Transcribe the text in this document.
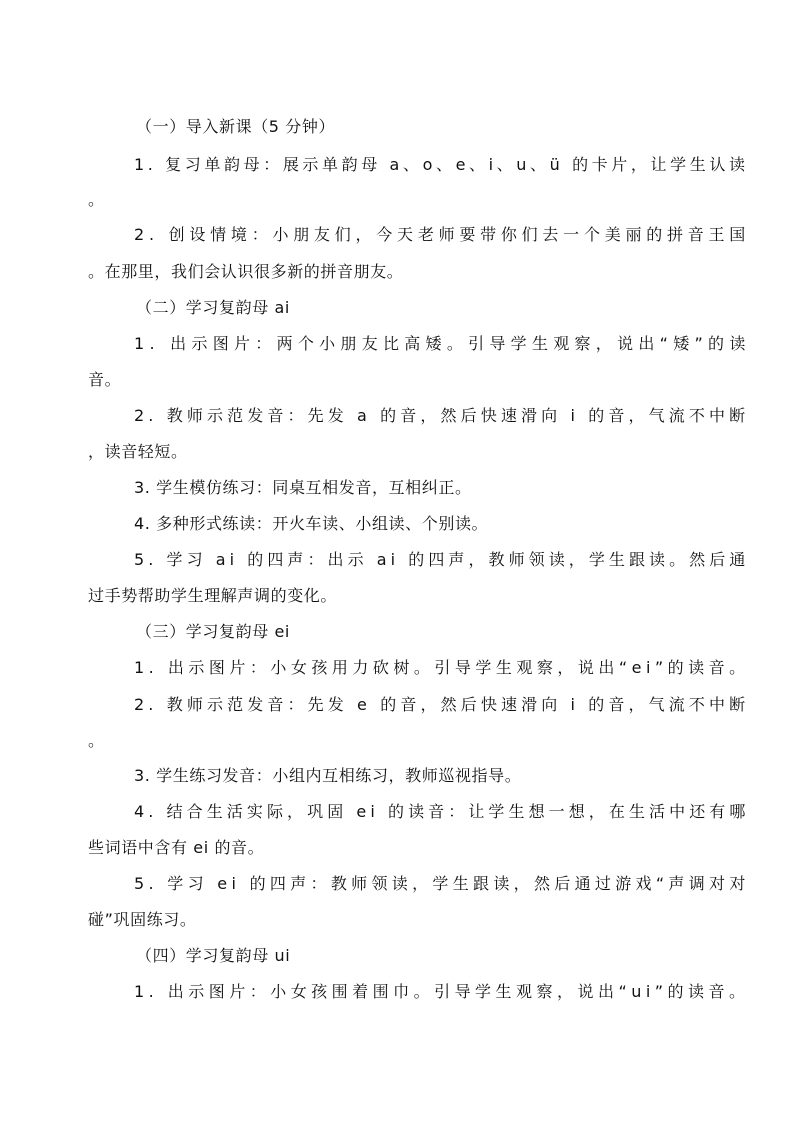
（一）导入新课（5 分钟）
1 .
复 习 单 韵 母 ： 展 示 单 韵 母
a 、 o 、 e 、 i 、 u 、 ü
的 卡 片 ， 让 学 生 认 读
。
2 .
创 设 情 境 ： 小 朋 友 们 ， 今 天 老 师 要 带 你 们 去 一 个 美 丽 的 拼 音 王 国
。在那里，我们会认识很多新的拼音朋友。
（二）学习复韵母 ai
1 .
出 示 图 片 ： 两 个 小 朋 友 比 高 矮 。 引 导 学 生 观 察 ， 说 出 “ 矮 ” 的 读
音。
2 .
教 师 示 范 发 音 ： 先 发
a
的 音 ， 然 后 快 速 滑 向
i
的 音 ， 气 流 不 中 断
，读音轻短。
3. 学生模仿练习：同桌互相发音，互相纠正。
4. 多种形式练读：开火车读、小组读、个别读。
5 .
学 习
a i
的 四 声 ： 出 示
a i
的 四 声 ， 教 师 领 读 ， 学 生 跟 读 。 然 后 通
过手势帮助学生理解声调的变化。
（三）学习复韵母 ei
1 .
出 示 图 片 ： 小 女 孩 用 力 砍 树 。 引 导 学 生 观 察 ， 说 出 “ e i ” 的 读 音 。
2 .
教 师 示 范 发 音 ： 先 发
e
的 音 ， 然 后 快 速 滑 向
i
的 音 ， 气 流 不 中 断
。
3. 学生练习发音：小组内互相练习，教师巡视指导。
4 .
结 合 生 活 实 际 ， 巩 固
e i
的 读 音 ： 让 学 生 想 一 想 ， 在 生 活 中 还 有 哪
些词语中含有 ei 的音。
5 .
学 习
e i
的 四 声 ： 教 师 领 读 ， 学 生 跟 读 ， 然 后 通 过 游 戏 “ 声 调 对 对
碰”巩固练习。
（四）学习复韵母 ui
1 .
出 示 图 片 ： 小 女 孩 围 着 围 巾 。 引 导 学 生 观 察 ， 说 出 “ u i ” 的 读 音 。
